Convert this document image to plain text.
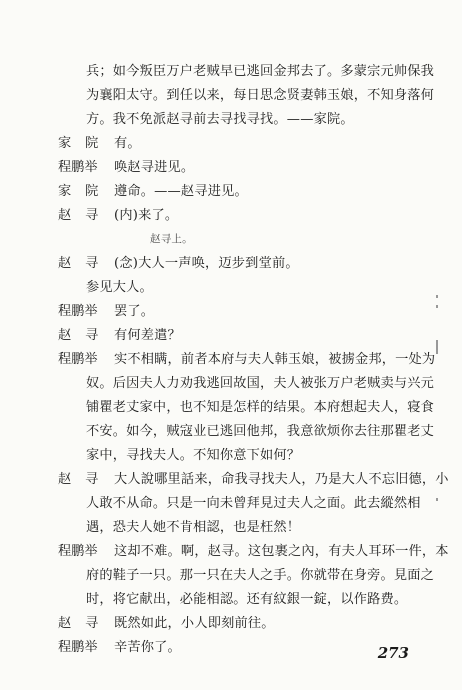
兵；如今叛臣万户老贼早已逃回金邦去了。多蒙宗元帅保我
为襄阳太守。到任以来，每日思念贤妻韩玉娘，不知身落何
方。我不免派赵寻前去寻找寻找。——家院。
家院 有。
程鹏举 唤赵寻进见。
家院 遵命。——赵寻进见。
赵寻 (内)来了。
赵寻上。
赵寻 (念)大人一声唤，迈步到堂前。
参见大人。
程鹏举 罢了。
赵寻 有何差遣？
程鹏举 实不相瞒，前者本府与夫人韩玉娘，被掳金邦，一处为
奴。后因夫人力劝我逃回故国，夫人被张万户老贼卖与兴元
铺瞿老丈家中，也不知是怎样的结果。本府想起夫人，寝食
不安。如今，贼寇业已逃回他邦，我意欲烦你去往那瞿老丈
家中，寻找夫人。不知你意下如何？
赵寻 大人說哪里話来，命我寻找夫人，乃是大人不忘旧德，小
人敢不从命。只是一向未曾拜見过夫人之面。此去縱然相
遇，恐夫人她不肯相認，也是枉然！
程鹏举 这却不难。啊，赵寻。这包裹之內，有夫人耳环一件，本
府的鞋子一只。那一只在夫人之手。你就带在身旁。見面之
时，将它献出，必能相認。还有紋銀一錠，以作路费。
赵寻 既然如此，小人即刻前往。
程鹏举 辛苦你了。	273
